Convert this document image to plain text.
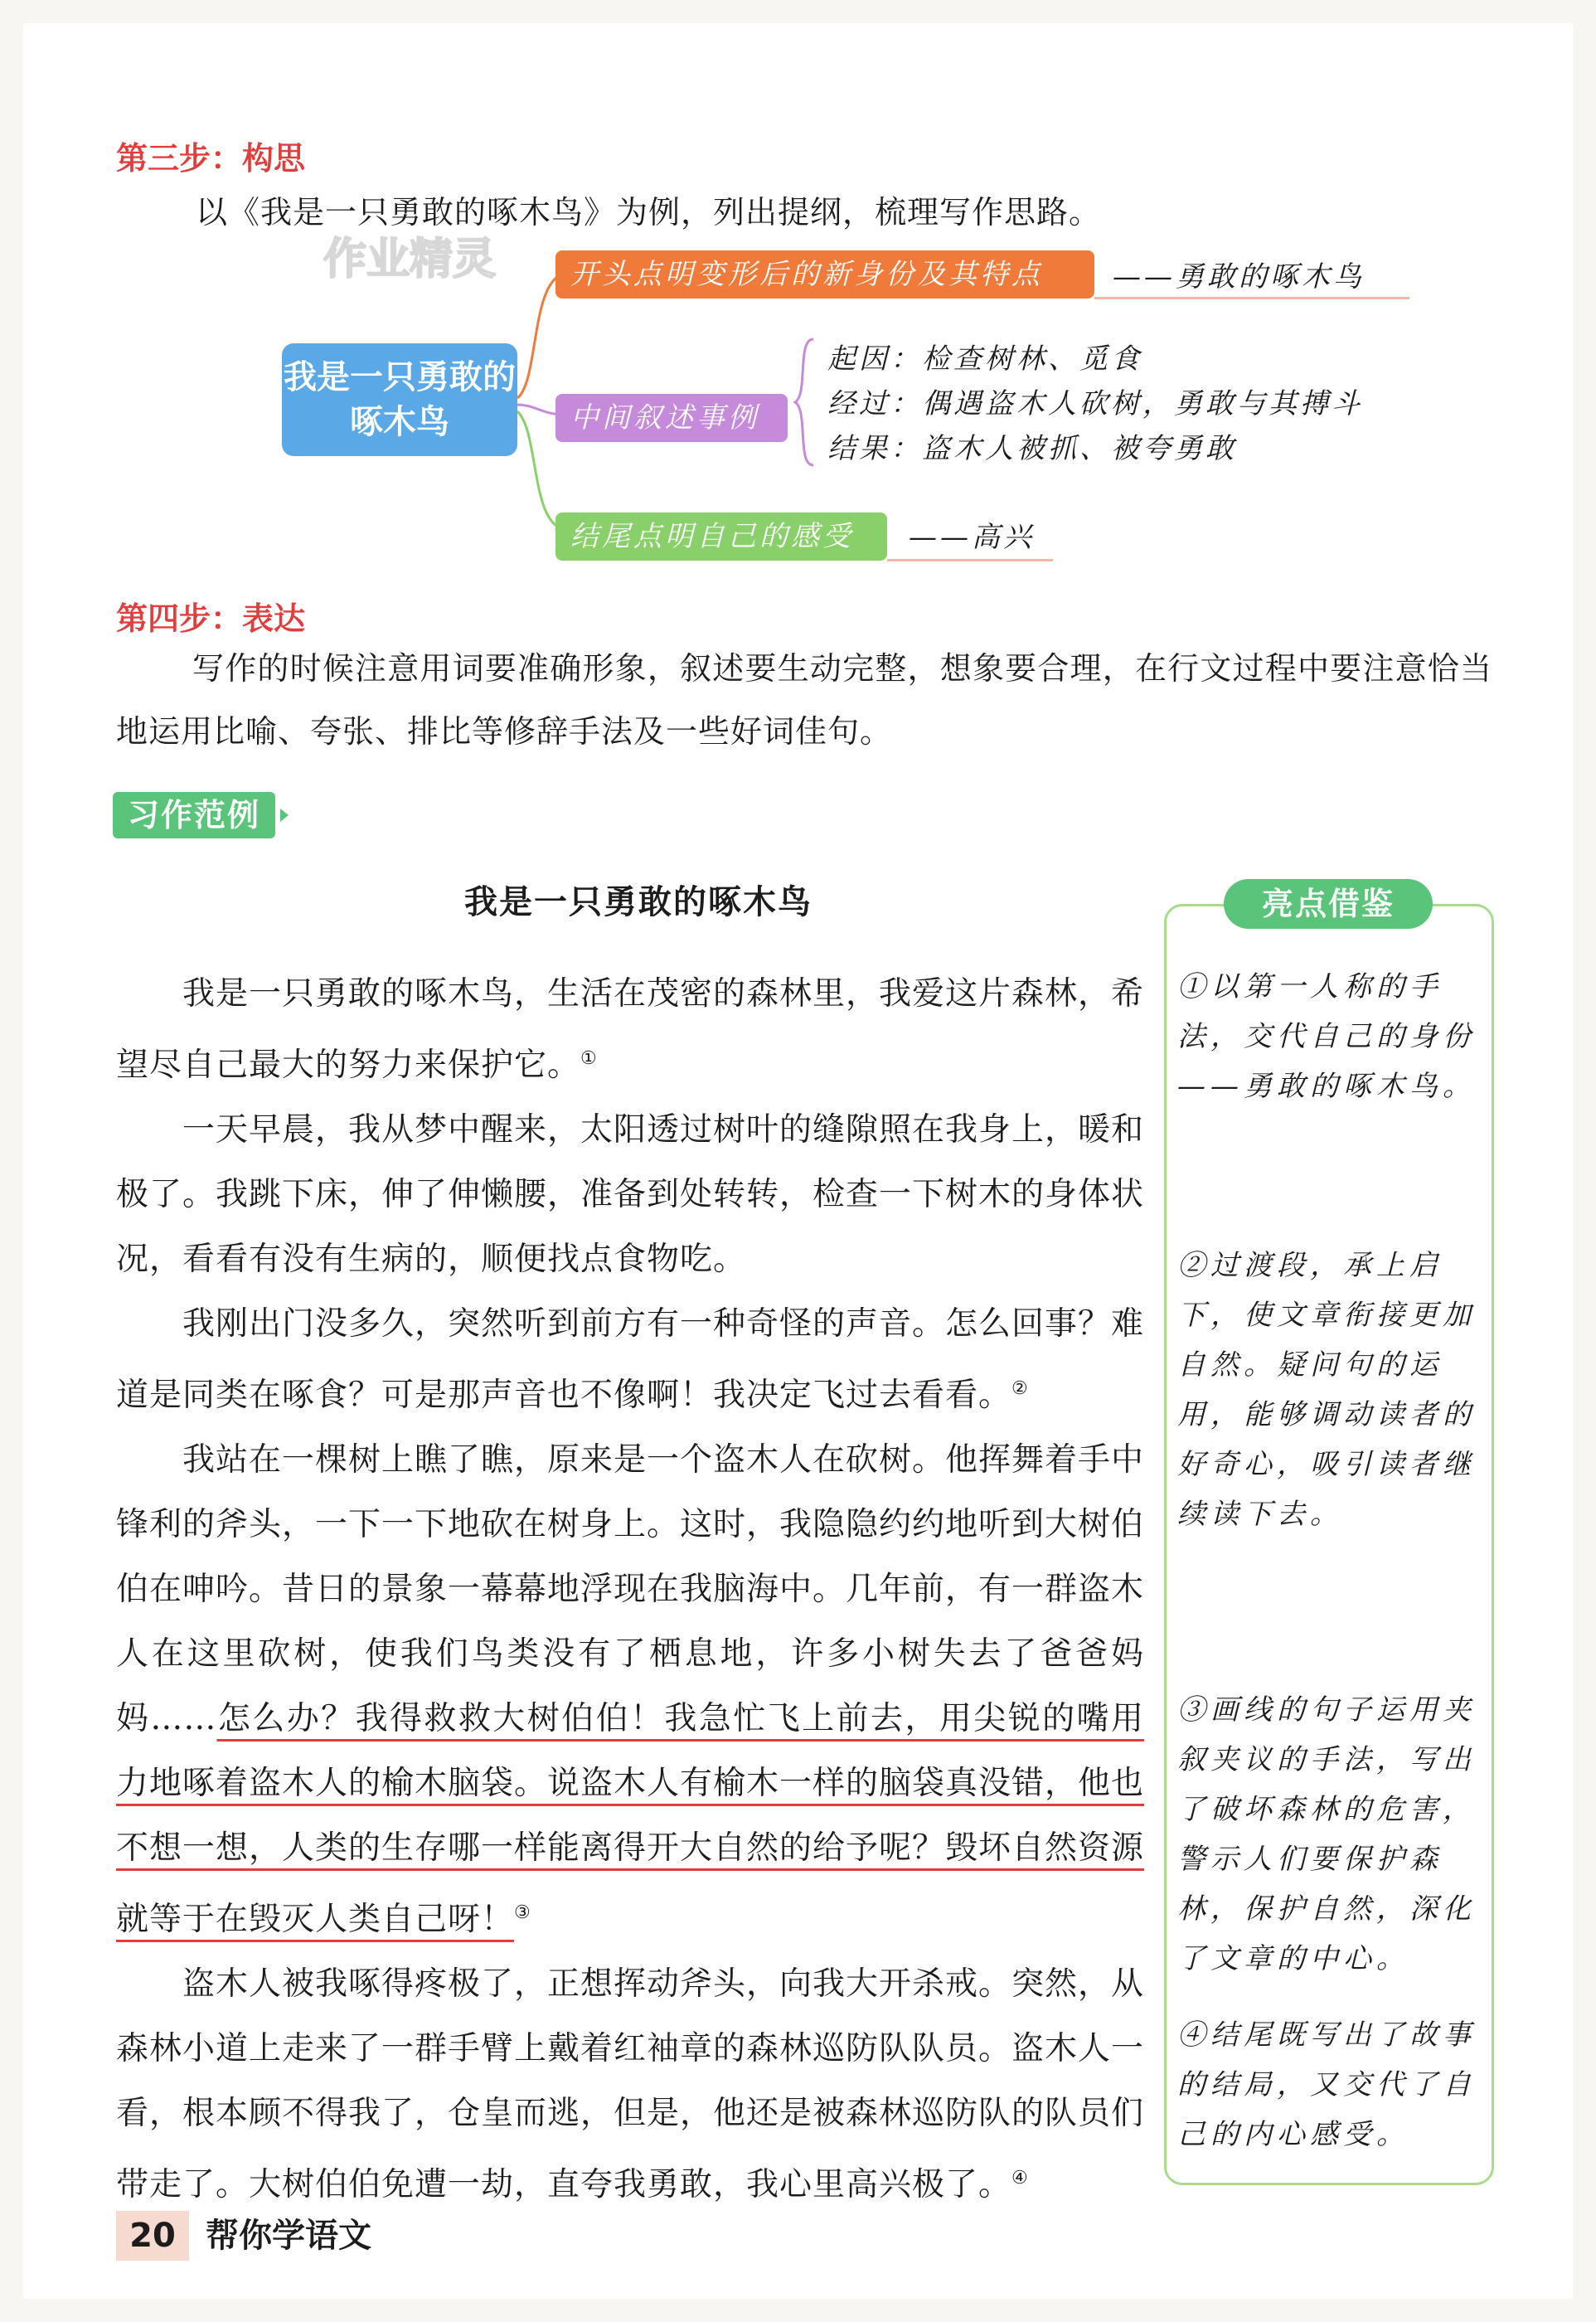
第三步：构思
以《我是一只勇敢的啄木鸟》为例，列出提纲，梳理写作思路。
我是一只勇敢的啄木鸟
开头点明变形后的新身份及其特点	——勇敢的啄木鸟
中间叙述事例
起因：检查树林、觅食
经过：偶遇盗木人砍树，勇敢与其搏斗
结果：盗木人被抓、被夸勇敢
结尾点明自己的感受	——高兴
作业精灵
第四步：表达
写作的时候注意用词要准确形象，叙述要生动完整，想象要合理，在行文过程中要注意恰当地运用比喻、夸张、排比等修辞手法及一些好词佳句。
习作范例
我是一只勇敢的啄木鸟

我是一只勇敢的啄木鸟，生活在茂密的森林里，我爱这片森林，希望尽自己最大的努力来保护它。①

一天早晨，我从梦中醒来，太阳透过树叶的缝隙照在我身上，暖和极了。我跳下床，伸了伸懒腰，准备到处转转，检查一下树木的身体状况，看看有没有生病的，顺便找点食物吃。

我刚出门没多久，突然听到前方有一种奇怪的声音。怎么回事？难道是同类在啄食？可是那声音也不像啊！我决定飞过去看看。②

我站在一棵树上瞧了瞧，原来是一个盗木人在砍树。他挥舞着手中锋利的斧头，一下一下地砍在树身上。这时，我隐隐约约地听到大树伯伯在呻吟。昔日的景象一幕幕地浮现在我脑海中。几年前，有一群盗木人在这里砍树，使我们鸟类没有了栖息地，许多小树失去了爸爸妈妈……怎么办？我得救救大树伯伯！我急忙飞上前去，用尖锐的嘴用力地啄着盗木人的榆木脑袋。说盗木人有榆木一样的脑袋真没错，他也不想一想，人类的生存哪一样能离得开大自然的给予呢？毁坏自然资源就等于在毁灭人类自己呀！③

盗木人被我啄得疼极了，正想挥动斧头，向我大开杀戒。突然，从森林小道上走来了一群手臂上戴着红袖章的森林巡防队队员。盗木人一看，根本顾不得我了，仓皇而逃，但是，他还是被森林巡防队的队员们带走了。大树伯伯免遭一劫，直夸我勇敢，我心里高兴极了。④

亮点借鉴
①以第一人称的手法，交代自己的身份——勇敢的啄木鸟。
②过渡段，承上启下，使文章衔接更加自然。疑问句的运用，能够调动读者的好奇心，吸引读者继续读下去。
③画线的句子运用夹叙夹议的手法，写出了破坏森林的危害，警示人们要保护森林，保护自然，深化了文章的中心。
④结尾既写出了故事的结局，又交代了自己的内心感受。
20 帮你学语文
